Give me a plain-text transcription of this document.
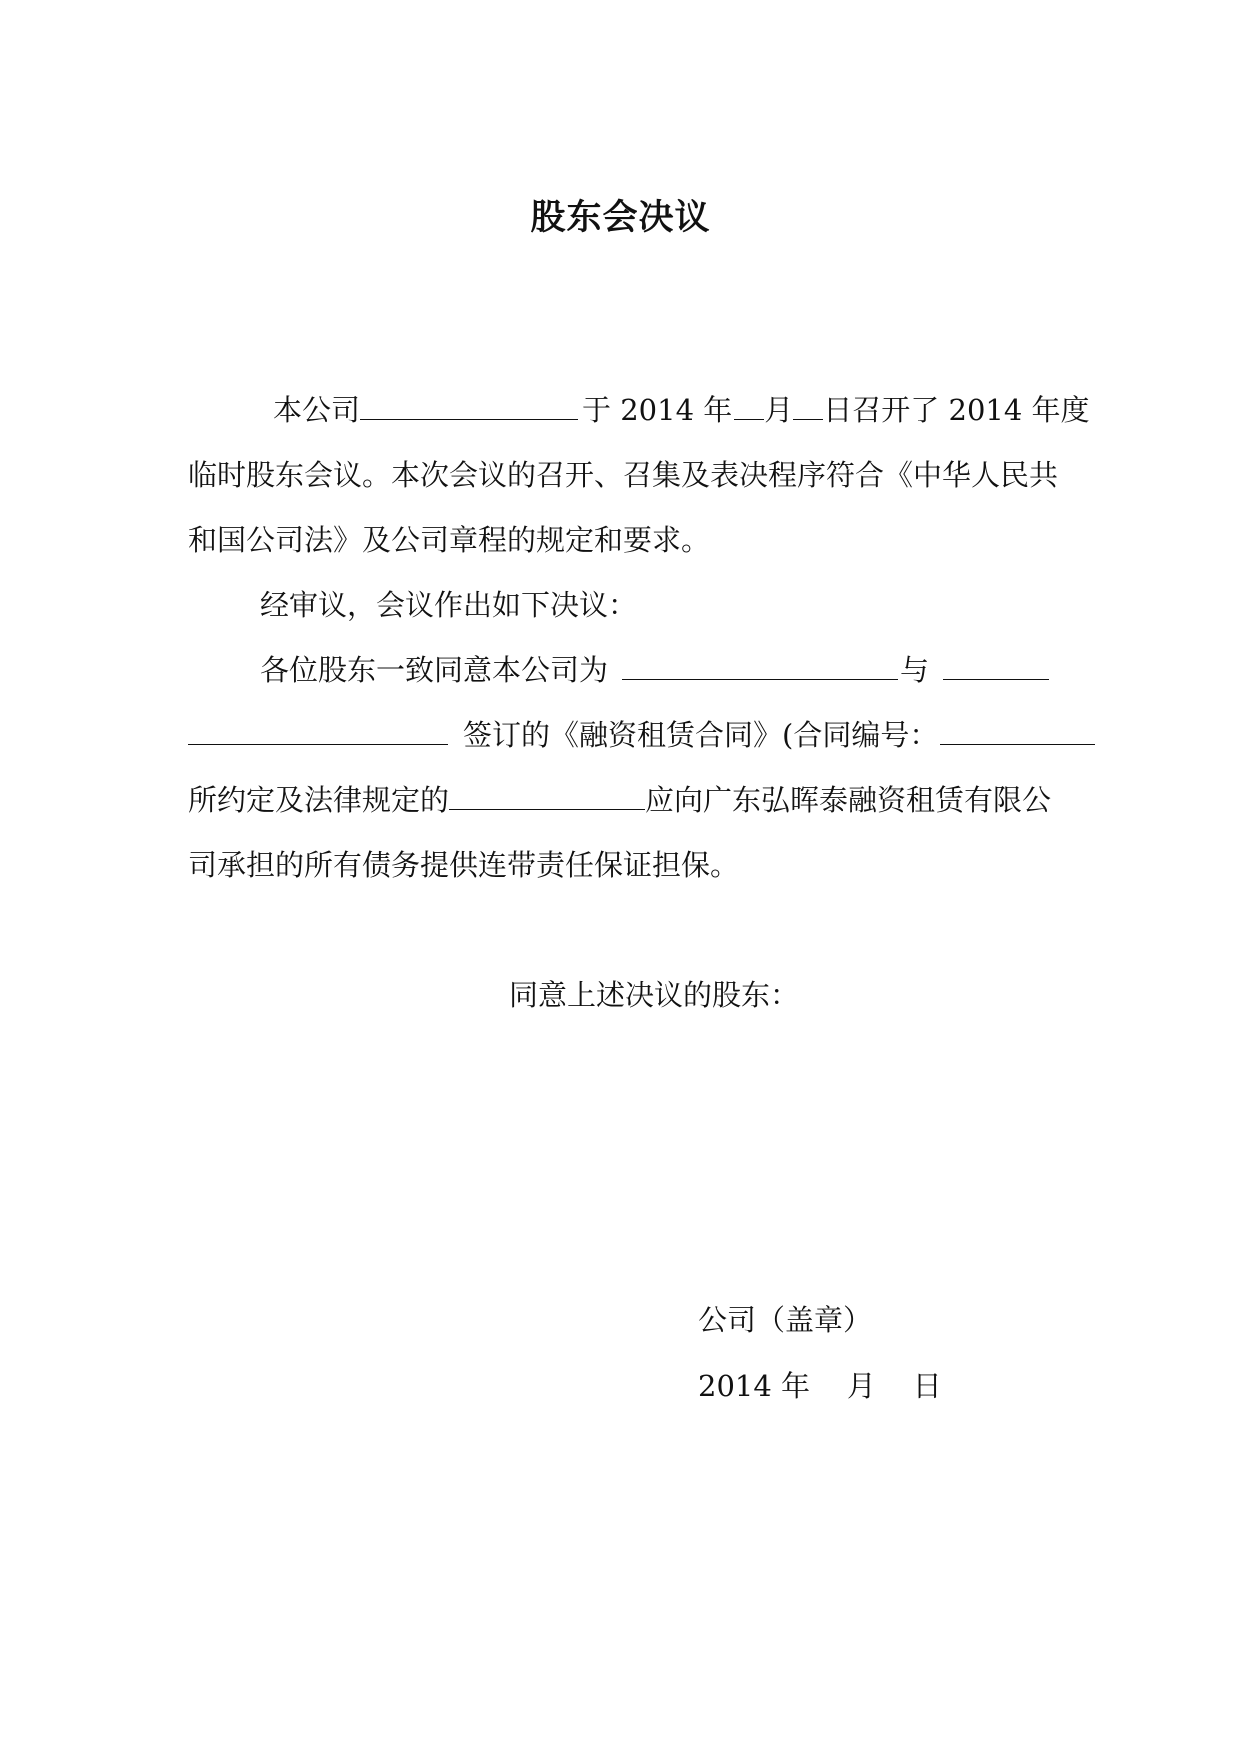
股东会决议
本公司	于 2014 年 月 日召开了 2014 年度
临时股东会议。本次会议的召开、召集及表决程序符合《中华人民共
和国公司法》及公司章程的规定和要求。
经审议，会议作出如下决议：
各位股东一致同意本公司为	与
签订的《融资租赁合同》(合同编号：
所约定及法律规定的	应向广东弘晖泰融资租赁有限公
司承担的所有债务提供连带责任保证担保。
同意上述决议的股东：
公司（盖章）
2014 年    月    日
